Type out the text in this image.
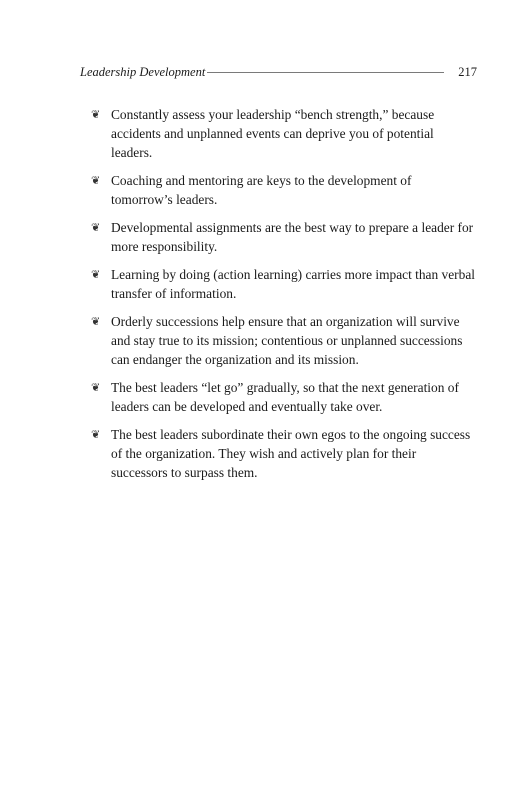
Leadership Development	217
❦ Constantly assess your leadership “bench strength,” because accidents and unplanned events can deprive you of potential leaders.
❦ Coaching and mentoring are keys to the development of tomorrow’s leaders.
❦ Developmental assignments are the best way to prepare a leader for more responsibility.
❦ Learning by doing (action learning) carries more impact than verbal transfer of information.
❦ Orderly successions help ensure that an organization will survive and stay true to its mission; contentious or unplanned successions can endanger the organization and its mission.
❦ The best leaders “let go” gradually, so that the next generation of leaders can be developed and eventually take over.
❦ The best leaders subordinate their own egos to the ongoing success of the organization. They wish and actively plan for their successors to surpass them.
